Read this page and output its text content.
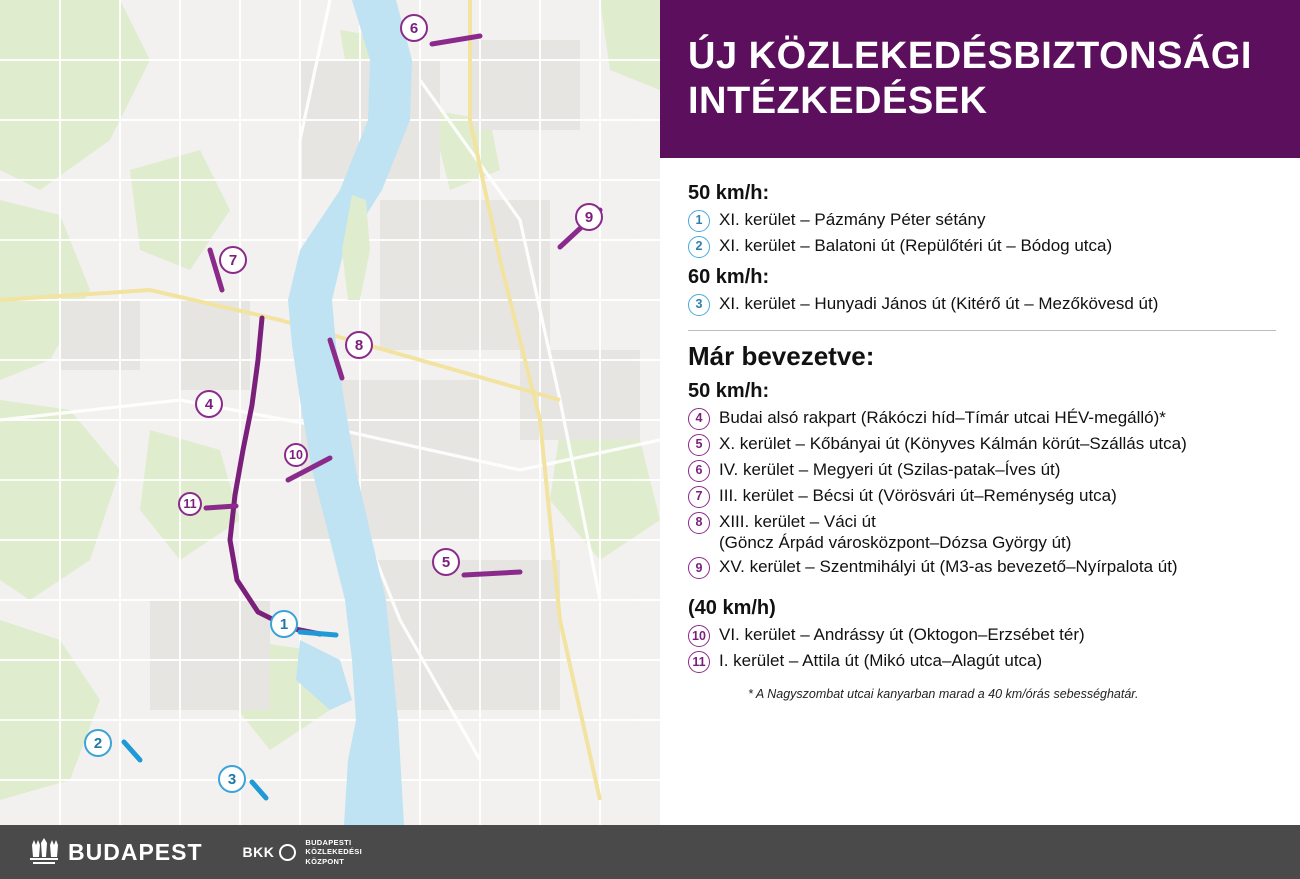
6
9
7
8
4
10
11
5
1
2
3
ÚJ KÖZLEKEDÉSBIZTONSÁGI
INTÉZKEDÉSEK
50 km/h:
1 XI. kerület – Pázmány Péter sétány
2 XI. kerület – Balatoni út (Repülőtéri út – Bódog utca)
60 km/h:
3 XI. kerület – Hunyadi János út (Kitérő út – Mezőkövesd út)
Már bevezetve:
50 km/h:
4 Budai alsó rakpart (Rákóczi híd–Tímár utcai HÉV-megálló)*
5 X. kerület – Kőbányai út (Könyves Kálmán körút–Szállás utca)
6 IV. kerület – Megyeri út (Szilas-patak–Íves út)
7 III. kerület – Bécsi út (Vörösvári út–Reménység utca)
8 XIII. kerület – Váci út
(Göncz Árpád városközpont–Dózsa György út)
9 XV. kerület – Szentmihályi út (M3-as bevezető–Nyírpalota út)
(40 km/h)
10 VI. kerület – Andrássy út (Oktogon–Erzsébet tér)
11 I. kerület – Attila út (Mikó utca–Alagút utca)
* A Nagyszombat utcai kanyarban marad a 40 km/órás sebességhatár.
BUDAPEST	BKK
BUDAPESTI
KÖZLEKEDÉSI
KÖZPONT
